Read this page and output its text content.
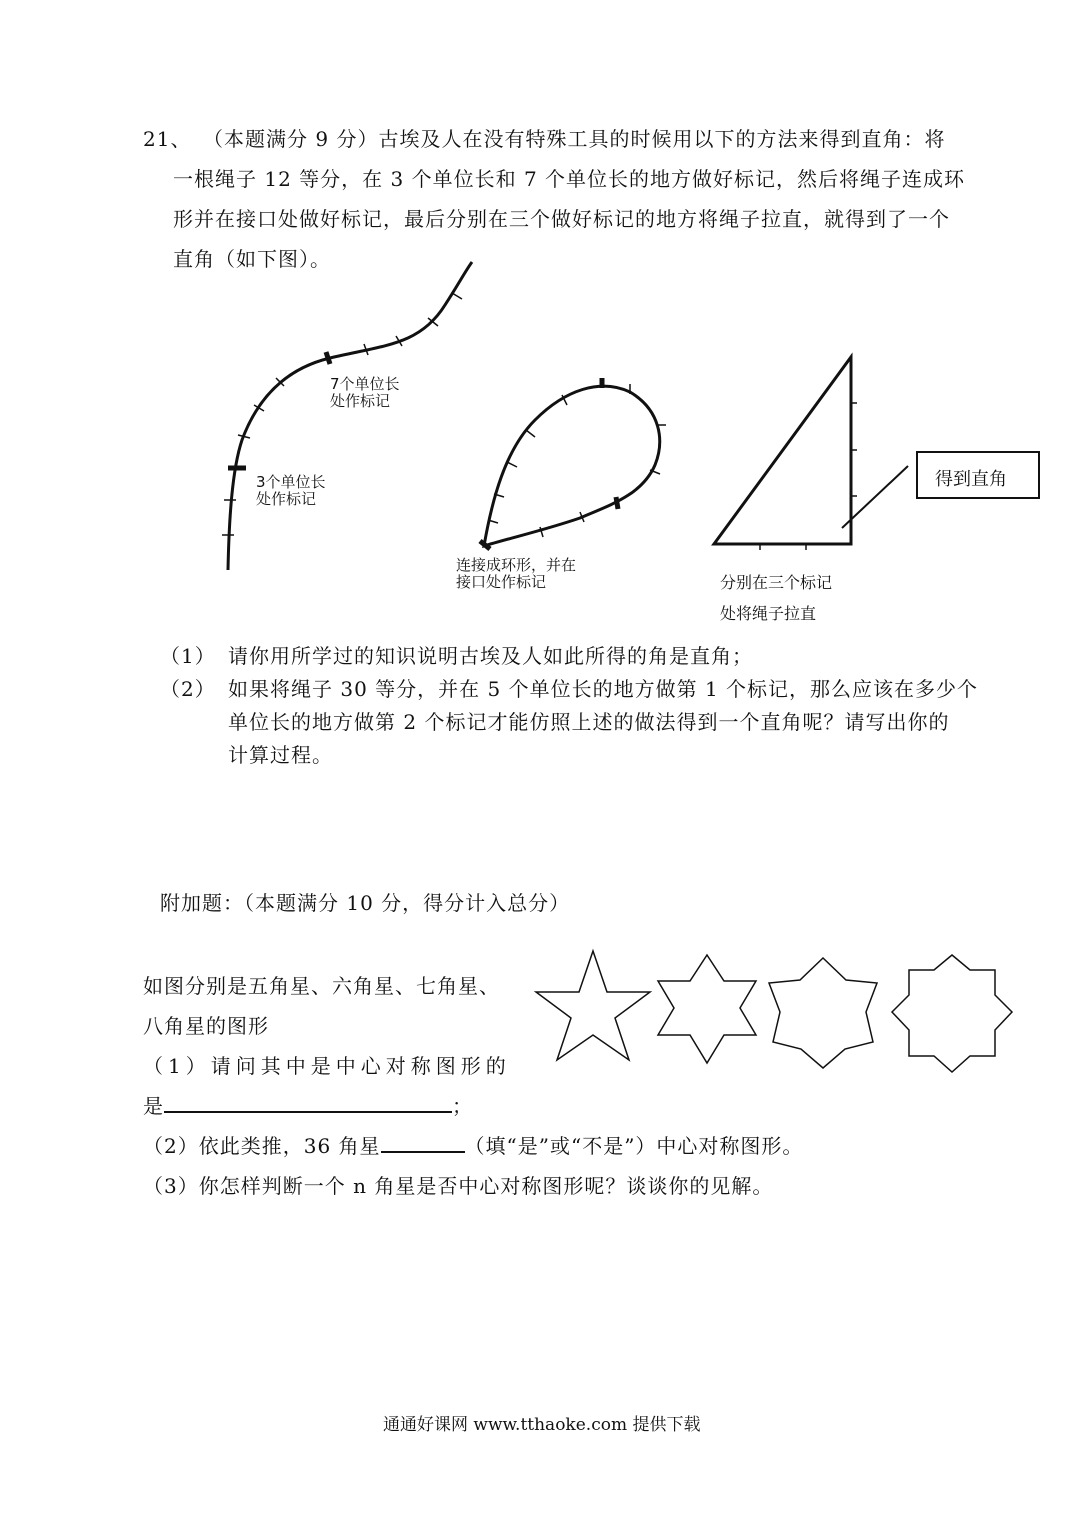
21、 （本题满分 9 分）古埃及人在没有特殊工具的时候用以下的方法来得到直角：将
一根绳子 12 等分，在 3 个单位长和 7 个单位长的地方做好标记，然后将绳子连成环
形并在接口处做好标记，最后分别在三个做好标记的地方将绳子拉直，就得到了一个
直角（如下图）。
7个单位长
处作标记
3个单位长
处作标记
连接成环形，并在
接口处作标记	分别在三个标记
处将绳子拉直
得到直角
（1） 请你用所学过的知识说明古埃及人如此所得的角是直角；
（2） 如果将绳子 30 等分，并在 5 个单位长的地方做第 1 个标记，那么应该在多少个
单位长的地方做第 2 个标记才能仿照上述的做法得到一个直角呢？请写出你的
计算过程。
附加题：（本题满分 10 分，得分计入总分）
如图分别是五角星、六角星、七角星、
八角星的图形
（1）请问其中是中心对称图形的
是	；
（2）依此类推，36 角星	（填“是”或“不是”）中心对称图形。
（3）你怎样判断一个 n 角星是否中心对称图形呢？谈谈你的见解。
通通好课网 www.tthaoke.com 提供下载
